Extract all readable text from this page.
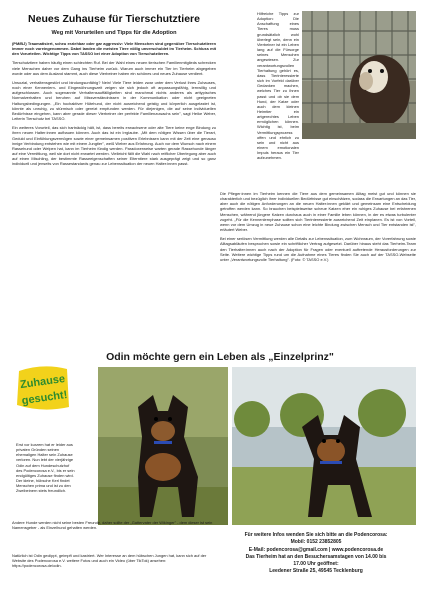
Neues Zuhause für Tierschutztiere
Weg mit Vorurteilen und Tipps für die Adoption

(PM/BJ) Traumatisiert, scheu erziehbar oder gar aggressiv: Viele Menschen sind gegenüber Tierschutztieren immer noch voreingenommen. Dabei landen die meisten Tiere völlig unverschuldet im Tierheim. Schluss mit den Vorurteilen. Wichtige Tipps von TASSO bei einer Adoption von Tierschutztieren.

Tierschutztiere haben häufig einen schlechten Ruf. Bei der Wahl eines neuen tierischen Familienmitglieds schrecken viele Menschen daher vor dem Gang ins Tierheim zurück. Warum auch immer ein Tier im Tierheim abgegeben wurde oder aus dem Ausland stammt, auch diese Vierbeiner haben ein schönes und neues Zuhause verdient.

Unsozial, verhaltensgestört und bindungsunfähig? Nein! Viele Tiere leiden zwar unter dem Verlust ihres Zuhauses, noch einer Kennenlern- und Eingewöhnungszeit zeigen sie sich jedoch oft anpassungsfähig, lernwillig und aufgeschlossen. Auch sogenannte Verhaltensauffälligkeiten sind manchmal nichts anderes als arttypisches Normalverhalten und beruhen auf Missverständnissen in der Kommunikation oder nicht geeigneten Haltungsbedingungen. „Ein hochaktiver Hütehund, der nicht ausreichend geistig und körperlich ausgelastet ist, könnte als unruhig, zu stürmisch oder gereizt empfunden werden. Für diejenigen, die auf seine individuellen Bedürfnisse eingehen, kann aber gerade dieser Vierbeiner der perfekte Familienzuwachs sein", sagt Heike Weber, Leiterin Tierschutz bei TASSO.

Ein weiteres Vorurteil, das sich hartnäckig hält, ist, dass bereits erwachsene oder alte Tiere keine enge Bindung zu ihren neuen Halter:innen aufbauen können. Auch das ist ein Irrglaube. „Mit dem nötigen Wissen über die Tierart, Geduld und Einfühlungsvermögen sowie einer gemeinsamen positiven Erlebnissen kann mit der Zeit eine genauso innige Verbindung entstehen wie mit einem Jungtier", weiß Weber aus Erfahrung. Auch vor dem Wunsch nach einem Rassehund oder Welpen hat, kann im Tierheim fündig werden. Paradoxerweise warten gerade Rassehunde länger auf eine Vermittlung, weil sie dort nicht erwartet werden. Vielleicht fällt die Wahl nach reiflicher Überlegung aber auch auf einen Mischling, der bestimmte Rasseeigenschaften seiner Elterntiere stark ausgeprägt zeigt und so ganz individuell und jenseits von Rassestandards genau zur Lebenssituation der neuen Halter:innen passt.

Hilfreiche Tipps zur Adoption: Die Anschaffung eines Tieres muss grundsätzlich wohl überlegt sein, denn ein Vierbeiner ist ein Leben lang auf die Fürsorge seines Menschen angewiesen. Zur verantwortungsvollen Tierhaltung gehört es, dass Tierinteressierte sich im Vorfeld darüber Gedanken machen, welches Tier zu ihnen passt und ob sie dem Hund, der Katze oder auch dem kleinen Heimtier ein artgerechtes Leben ermöglichen können. Wichtig ist, beim Vermittlungsprozess offen und ehrlich zu sein und nicht aus einem emotionalen Impuls heraus ein Tier aufzunehmen.

Die Pfleger:innen im Tierheim kennen die Tiere aus dem gemeinsamen Alltag meist gut und können sie charakterlich und bezüglich ihrer individuellen Bedürfnisse gut einschätzen, sodass die Erwartungen an das Tier, aber auch die nötigen Anforderungen an die neuen Halter:innen geklärt und gemeinsam eine Entscheidung getroffen werden kann. So brauchen beispielsweise scheue Katzen eher ein ruhiges Zuhause bei erfahrenen Menschen, während jüngere Katzen durchaus auch in einer Familie leben können, in der es etwas turbulenter zugeht. „Für die Kennenlernphase sollten sich Tierinteressierte ausreichend Zeit einplanen. Es ist von Vorteil, wenn vor dem Umzug in neue Zuhause schon eine leichte Bindung zwischen Mensch und Tier entstanden ist", erläutert Weber.

Bei einer seriösen Vermittlung werden alle Details zur Lebenssituation, zum Wohnraum, der Vorerfahrung sowie Alltagsabläufen besprochen sowie ein schriftlicher Vertrag aufgesetzt. Darüber hinaus steht das Tierheim-Team den Tierhalter:innen auch nach der Adoption für Fragen oder eventuell auftretende Herausforderungen zur Seite. Weitere wichtige Tipps rund um die Aufnahme eines Tieres finden Sie auch auf der TASSO-Webseite unter „Verantwortungsvolle Tierhaltung". (Foto: © TASSO e.V.)

Odin möchte gern ein Leben als „Einzelprinz"
Zuhause
gesucht!
Erst vor kurzem hat er leider aus privaten Gründen seinen ehemaligen Halter sein Zuhause verloren. Nun lebt der vierjährige Odin auf dem Hundeschutzhof des Podencorosa e.V., bis er sein endgültiges Zuhause finden wird. Der kleine, hübsche Kerl findet Menschen prima und ist zu den Zweibeinern stets freundlich.
Andere Hunde werden nicht seine besten Freunde, daher sollte der „Gattervater der Wikinger" - dem dieser ist sein Namensgeber - als Einzelhund gehalten werden.
Natürlich ist Odin geclippt, geimpft und kastriert. Wer Interesse an dem hübschen Jungen hat, kann sich auf der Website des Podencorosa e.V. weitere Fotos und auch ein Video (über TikTok) ansehen: https://podencorosa.de/odin.
Für weitere Infos wenden Sie sich bitte an die Podencorosa:
Mobil: 0152 23852805
E-Mail: podencorosa@gmail.com | www.podencorosa.de
Das Tierheim hat an den Besuchersamstagen von 14.00 bis
17.00 Uhr geöffnet:
Leedener Straße 25, 49545 Tecklenburg
